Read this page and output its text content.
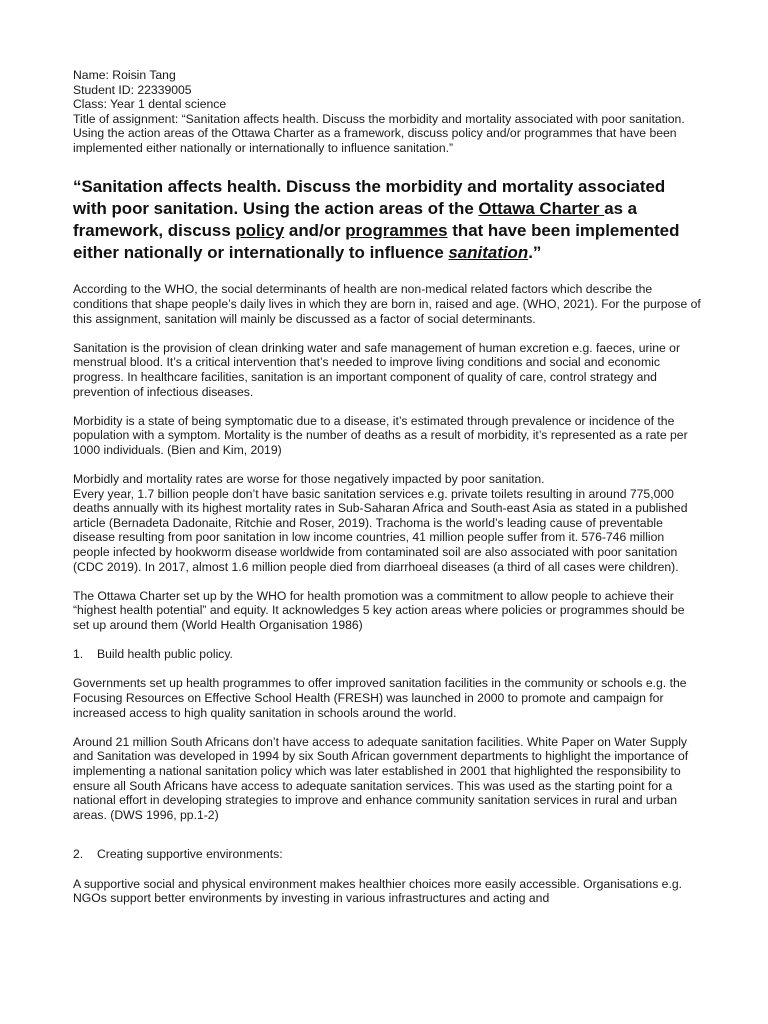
Name: Roisin Tang

Student ID: 22339005

Class: Year 1 dental science

Title of assignment: “Sanitation affects health. Discuss the morbidity and mortality associated with poor sanitation. Using the action areas of the Ottawa Charter as a framework, discuss policy and/or programmes that have been implemented either nationally or internationally to influence sanitation.”

“Sanitation affects health. Discuss the morbidity and mortality associated with poor sanitation. Using the action areas of the Ottawa Charter as a framework, discuss policy and/or programmes that have been implemented either nationally or internationally to influence sanitation.”

According to the WHO, the social determinants of health are non-medical related factors which describe the conditions that shape people’s daily lives in which they are born in, raised and age. (WHO, 2021). For the purpose of this assignment, sanitation will mainly be discussed as a factor of social determinants.

Sanitation is the provision of clean drinking water and safe management of human excretion e.g. faeces, urine or menstrual blood. It’s a critical intervention that’s needed to improve living conditions and social and economic progress. In healthcare facilities, sanitation is an important component of quality of care, control strategy and prevention of infectious diseases.

Morbidity is a state of being symptomatic due to a disease, it’s estimated through prevalence or incidence of the population with a symptom. Mortality is the number of deaths as a result of morbidity, it’s represented as a rate per 1000 individuals. (Bien and Kim, 2019)

Morbidly and mortality rates are worse for those negatively impacted by poor sanitation.

Every year, 1.7 billion people don’t have basic sanitation services e.g. private toilets resulting in around 775,000 deaths annually with its highest mortality rates in Sub-Saharan Africa and South-east Asia as stated in a published article (Bernadeta Dadonaite, Ritchie and Roser, 2019). Trachoma is the world’s leading cause of preventable disease resulting from poor sanitation in low income countries, 41 million people suffer from it. 576-746 million people infected by hookworm disease worldwide from contaminated soil are also associated with poor sanitation (CDC 2019). In 2017, almost 1.6 million people died from diarrhoeal diseases (a third of all cases were children).

The Ottawa Charter set up by the WHO for health promotion was a commitment to allow people to achieve their “highest health potential” and equity. It acknowledges 5 key action areas where policies or programmes should be set up around them (World Health Organisation 1986)

1. Build health public policy.

Governments set up health programmes to offer improved sanitation facilities in the community or schools e.g. the Focusing Resources on Effective School Health (FRESH) was launched in 2000 to promote and campaign for increased access to high quality sanitation in schools around the world.

Around 21 million South Africans don’t have access to adequate sanitation facilities. White Paper on Water Supply and Sanitation was developed in 1994 by six South African government departments to highlight the importance of implementing a national sanitation policy which was later established in 2001 that highlighted the responsibility to ensure all South Africans have access to adequate sanitation services. This was used as the starting point for a national effort in developing strategies to improve and enhance community sanitation services in rural and urban areas. (DWS 1996, pp.1-2)

2. Creating supportive environments:

A supportive social and physical environment makes healthier choices more easily accessible. Organisations e.g. NGOs support better environments by investing in various infrastructures and acting and
